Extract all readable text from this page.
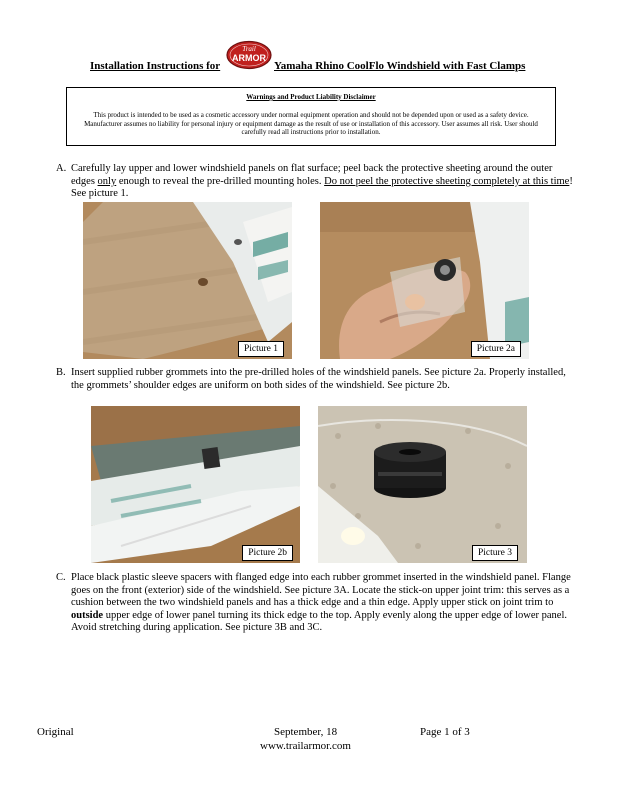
Trail
ARMOR
Installation Instructions for	Yamaha Rhino CoolFlo Windshield with Fast Clamps
Warnings and Product Liability Disclaimer
This product is intended to be used as a cosmetic accessory under normal equipment operation and should not be depended upon or used as a safety device. Manufacturer assumes no liability for personal injury or equipment damage as the result of use or installation of this accessory. User assumes all risk. User should carefully read all instructions prior to installation.
A. Carefully lay upper and lower windshield panels on flat surface; peel back the protective sheeting around the outer edges only enough to reveal the pre-drilled mounting holes. Do not peel the protective sheeting completely at this time! See picture 1.
Picture 1	Picture 2a
B. Insert supplied rubber grommets into the pre-drilled holes of the windshield panels. See picture 2a. Properly installed, the grommets’ shoulder edges are uniform on both sides of the windshield. See picture 2b.
Picture 2b	Picture 3
C. Place black plastic sleeve spacers with flanged edge into each rubber grommet inserted in the windshield panel. Flange goes on the front (exterior) side of the windshield. See picture 3A. Locate the stick-on upper joint trim: this serves as a cushion between the two windshield panels and has a thick edge and a thin edge. Apply upper stick on joint trim to outside upper edge of lower panel turning its thick edge to the top. Apply evenly along the upper edge of lower panel. Avoid stretching during application. See picture 3B and 3C.
Original	September, 18	Page 1 of 3
www.trailarmor.com
